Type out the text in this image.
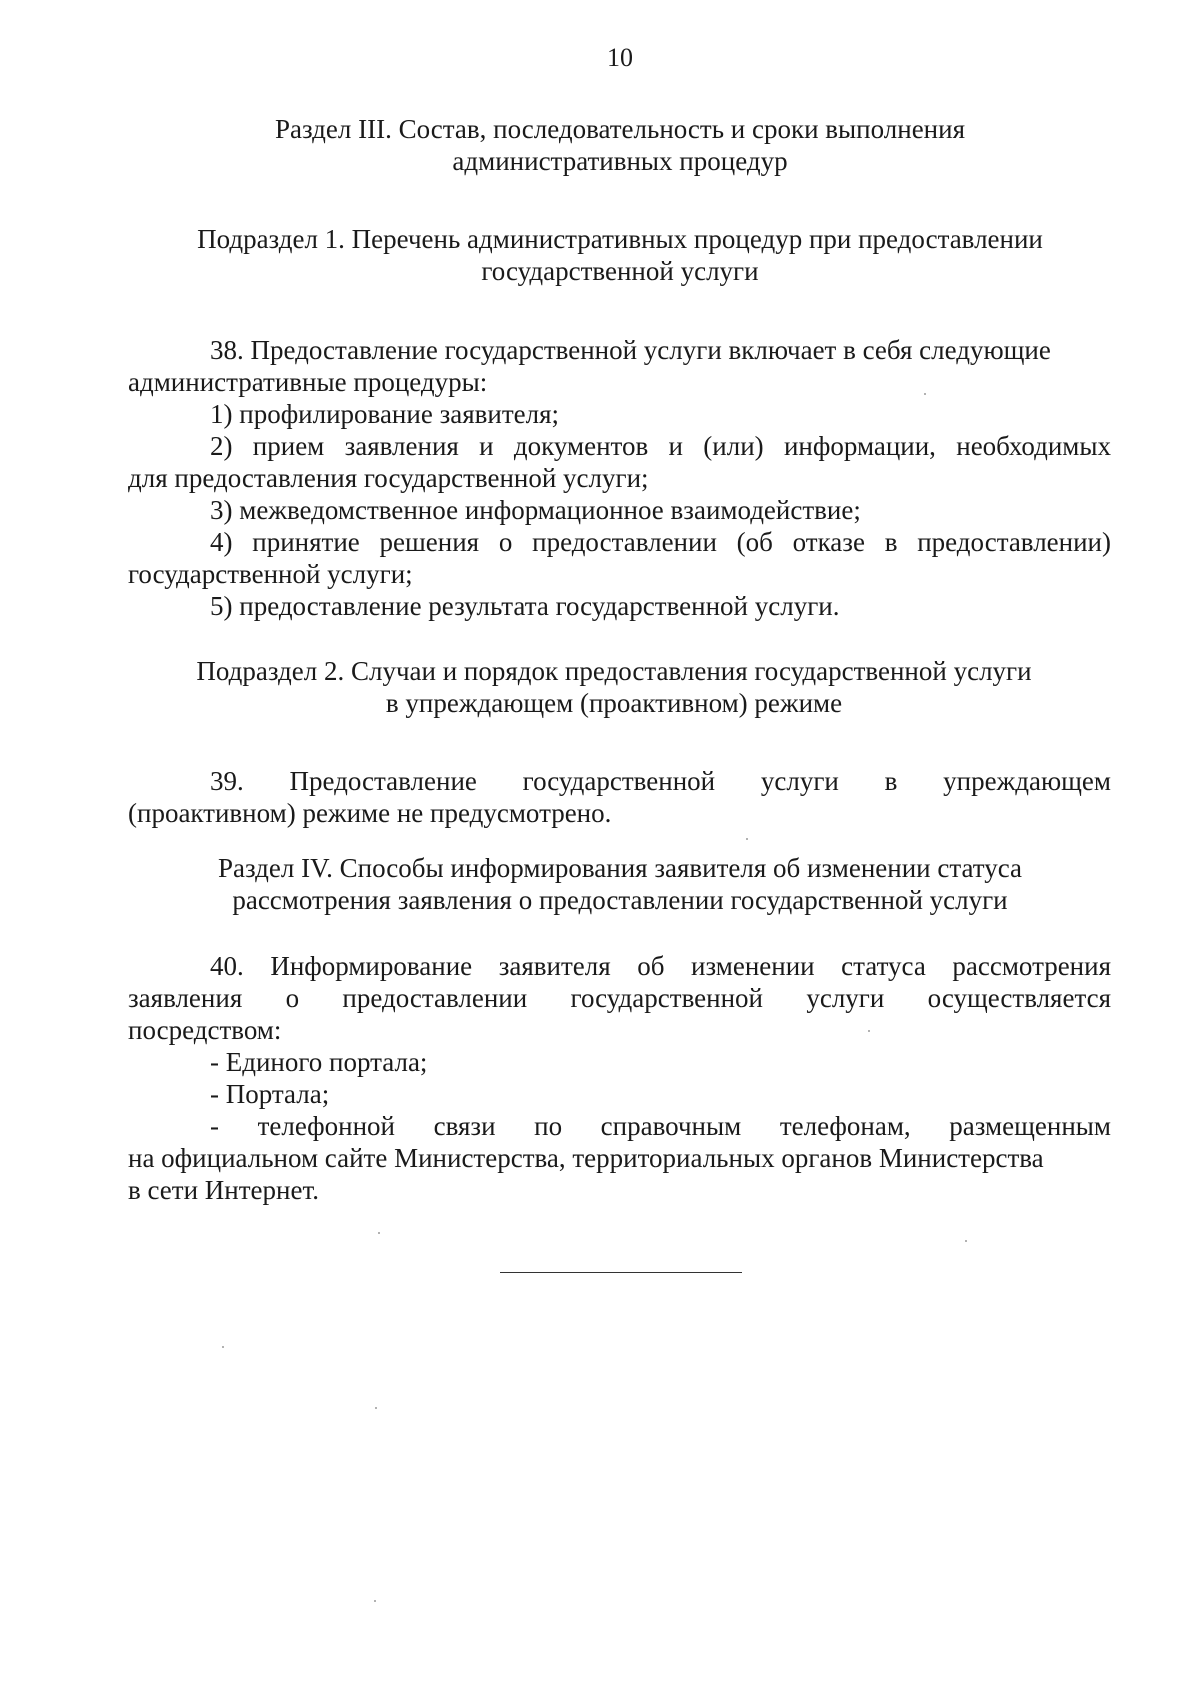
10
Раздел III. Состав, последовательность и сроки выполнения
административных процедур
Подраздел 1. Перечень административных процедур при предоставлении
государственной услуги
38. Предоставление государственной услуги включает в себя следующие
административные процедуры:
1) профилирование заявителя;
2) прием заявления и документов и (или) информации, необходимых
для предоставления государственной услуги;
3) межведомственное информационное взаимодействие;
4) принятие решения о предоставлении (об отказе в предоставлении)
государственной услуги;
5) предоставление результата государственной услуги.
Подраздел 2. Случаи и порядок предоставления государственной услуги
в упреждающем (проактивном) режиме
39. Предоставление государственной услуги в упреждающем
(проактивном) режиме не предусмотрено.
Раздел IV. Способы информирования заявителя об изменении статуса
рассмотрения заявления о предоставлении государственной услуги
40. Информирование заявителя об изменении статуса рассмотрения
заявления о предоставлении государственной услуги осуществляется
посредством:
- Единого портала;
- Портала;
- телефонной связи по справочным телефонам, размещенным
на официальном сайте Министерства, территориальных органов Министерства
в сети Интернет.
